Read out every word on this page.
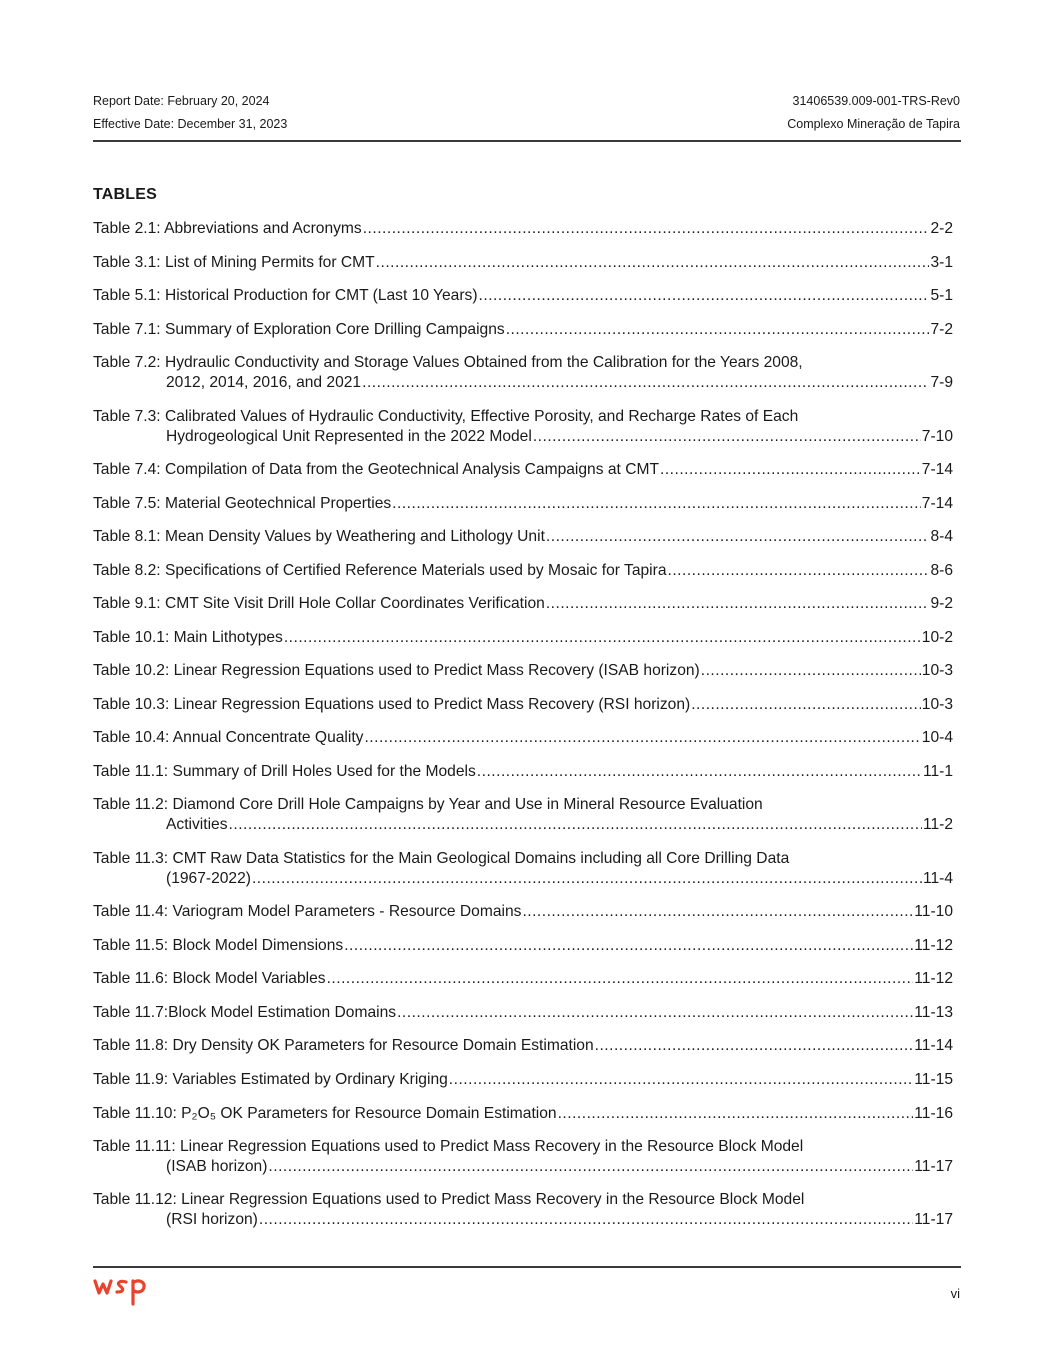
Report Date: February 20, 2024	31406539.009-001-TRS-Rev0
Effective Date: December 31, 2023	Complexo Mineração de Tapira
TABLES
Table 2.1: Abbreviations and Acronyms .....	2-2
Table 3.1: List of Mining Permits for CMT .....	3-1
Table 5.1: Historical Production for CMT (Last 10 Years) .....	5-1
Table 7.1: Summary of Exploration Core Drilling Campaigns .....	7-2
Table 7.2: Hydraulic Conductivity and Storage Values Obtained from the Calibration for the Years 2008,
2012, 2014, 2016, and 2021 .....	7-9
Table 7.3: Calibrated Values of Hydraulic Conductivity, Effective Porosity, and Recharge Rates of Each
Hydrogeological Unit Represented in the 2022 Model .....	7-10
Table 7.4: Compilation of Data from the Geotechnical Analysis Campaigns at CMT .....	7-14
Table 7.5: Material Geotechnical Properties .....	7-14
Table 8.1: Mean Density Values by Weathering and Lithology Unit .....	8-4
Table 8.2: Specifications of Certified Reference Materials used by Mosaic for Tapira .....	8-6
Table 9.1: CMT Site Visit Drill Hole Collar Coordinates Verification .....	9-2
Table 10.1: Main Lithotypes .....	10-2
Table 10.2: Linear Regression Equations used to Predict Mass Recovery (ISAB horizon) .....	10-3
Table 10.3: Linear Regression Equations used to Predict Mass Recovery (RSI horizon) .....	10-3
Table 10.4: Annual Concentrate Quality .....	10-4
Table 11.1: Summary of Drill Holes Used for the Models .....	11-1
Table 11.2: Diamond Core Drill Hole Campaigns by Year and Use in Mineral Resource Evaluation
Activities .....	11-2
Table 11.3: CMT Raw Data Statistics for the Main Geological Domains including all Core Drilling Data
(1967-2022) .....	11-4
Table 11.4: Variogram Model Parameters - Resource Domains .....	11-10
Table 11.5: Block Model Dimensions .....	11-12
Table 11.6: Block Model Variables .....	11-12
Table 11.7:Block Model Estimation Domains .....	11-13
Table 11.8: Dry Density OK Parameters for Resource Domain Estimation .....	11-14
Table 11.9: Variables Estimated by Ordinary Kriging .....	11-15
Table 11.10: P₂O₅ OK Parameters for Resource Domain Estimation .....	11-16
Table 11.11: Linear Regression Equations used to Predict Mass Recovery in the Resource Block Model
(ISAB horizon) .....	11-17
Table 11.12: Linear Regression Equations used to Predict Mass Recovery in the Resource Block Model
(RSI horizon) .....	11-17
vi
